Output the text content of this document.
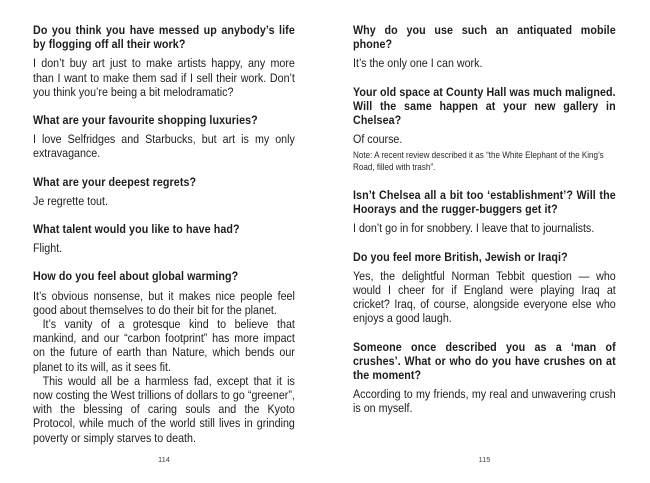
Do you think you have messed up anybody’s life by flogging off all their work?

I don’t buy art just to make artists happy, any more than I want to make them sad if I sell their work. Don’t you think you’re being a bit melodramatic?

What are your favourite shopping luxuries?

I love Selfridges and Starbucks, but art is my only extravagance.

What are your deepest regrets?

Je regrette tout.

What talent would you like to have had?

Flight.

How do you feel about global warming?

It’s obvious nonsense, but it makes nice people feel good about themselves to do their bit for the planet.

It’s vanity of a grotesque kind to believe that mankind, and our “carbon footprint” has more impact on the future of earth than Nature, which bends our planet to its will, as it sees fit.

This would all be a harmless fad, except that it is now costing the West trillions of dollars to go “greener”, with the blessing of caring souls and the Kyoto Protocol, while much of the world still lives in grinding poverty or simply starves to death.

Why do you use such an antiquated mobile phone?

It’s the only one I can work.

Your old space at County Hall was much maligned. Will the same happen at your new gallery in Chelsea?

Of course.

Note: A recent review described it as “the White Elephant of the King’s Road, filled with trash”.

Isn’t Chelsea all a bit too ‘establishment’? Will the Hoorays and the rugger-buggers get it?

I don’t go in for snobbery. I leave that to journalists.

Do you feel more British, Jewish or Iraqi?

Yes, the delightful Norman Tebbit question — who would I cheer for if England were playing Iraq at cricket? Iraq, of course, alongside everyone else who enjoys a good laugh.

Someone once described you as a ‘man of crushes’. What or who do you have crushes on at the moment?

According to my friends, my real and unwavering crush is on myself.

114	115
